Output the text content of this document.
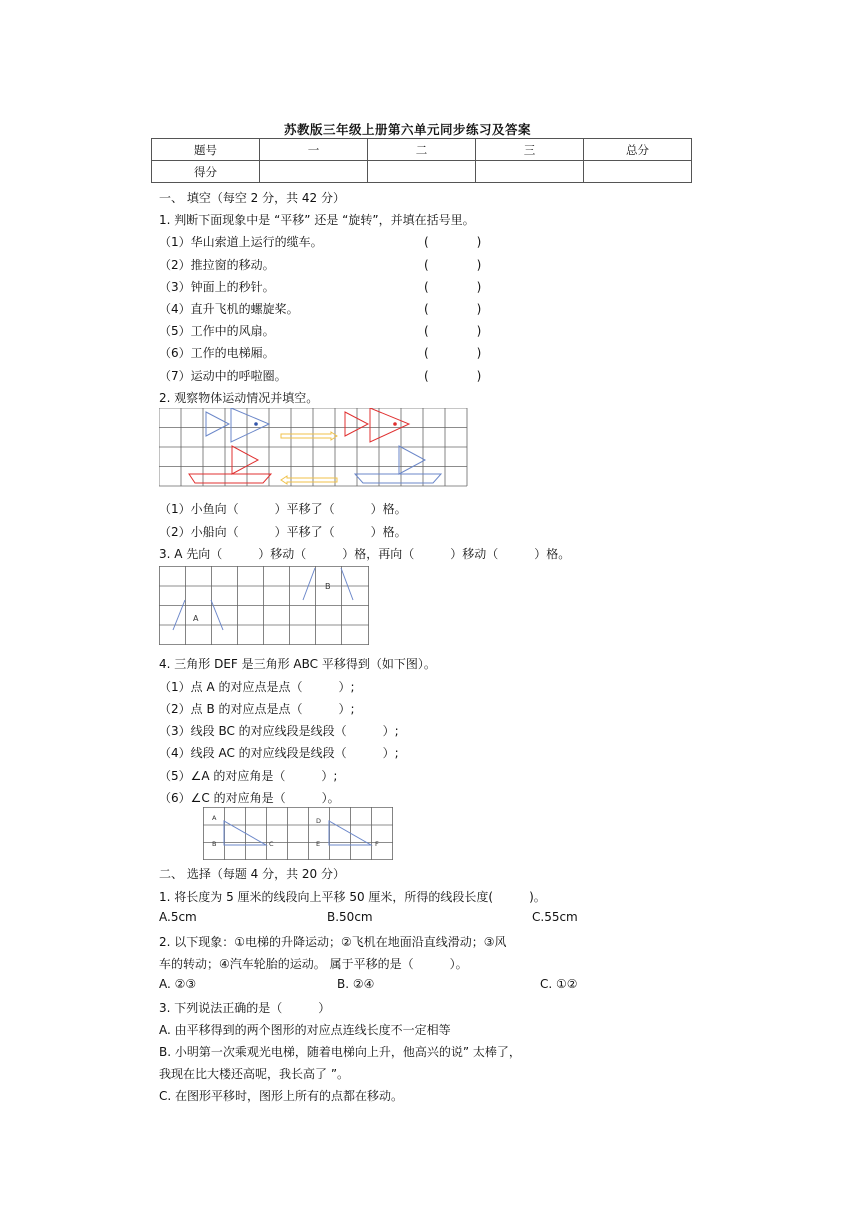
苏教版三年级上册第六单元同步练习及答案
题号	一	二	三	总分
得分				
一、 填空（每空 2 分，共 42 分）
1. 判断下面现象中是 “平移” 还是 “旋转”，并填在括号里。
（1）华山索道上运行的缆车。	(　　　　)
（2）推拉窗的移动。	(　　　　)
（3）钟面上的秒针。	(　　　　)
（4）直升飞机的螺旋桨。	(　　　　)
（5）工作中的风扇。	(　　　　)
（6）工作的电梯厢。	(　　　　)
（7）运动中的呼啦圈。	(　　　　)
2. 观察物体运动情况并填空。
（1）小鱼向（　　　）平移了（　　　）格。
（2）小船向（　　　）平移了（　　　）格。
3. A 先向（　　　）移动（　　　）格，再向（　　　）移动（　　　）格。
A
B
4. 三角形 DEF 是三角形 ABC 平移得到（如下图）。
（1）点 A 的对应点是点（　　　）;
（2）点 B 的对应点是点（　　　）;
（3）线段 BC 的对应线段是线段（　　　）;
（4）线段 AC 的对应线段是线段（　　　）;
（5）∠A 的对应角是（　　　）;
（6）∠C 的对应角是（　　　）。
A
B	C
D
E	F
二、 选择（每题 4 分，共 20 分）
1. 将长度为 5 厘米的线段向上平移 50 厘米，所得的线段长度(　　　)。
A.5cm	B.50cm	C.55cm
2. 以下现象：①电梯的升降运动；②飞机在地面沿直线滑动；③风
车的转动；④汽车轮胎的运动。 属于平移的是（　　　）。
A. ②③	B. ②④	C. ①②
3. 下列说法正确的是（　　　）
A. 由平移得到的两个图形的对应点连线长度不一定相等
B. 小明第一次乘观光电梯，随着电梯向上升，他高兴的说” 太棒了，
我现在比大楼还高呢，我长高了 ”。
C. 在图形平移时，图形上所有的点都在移动。
